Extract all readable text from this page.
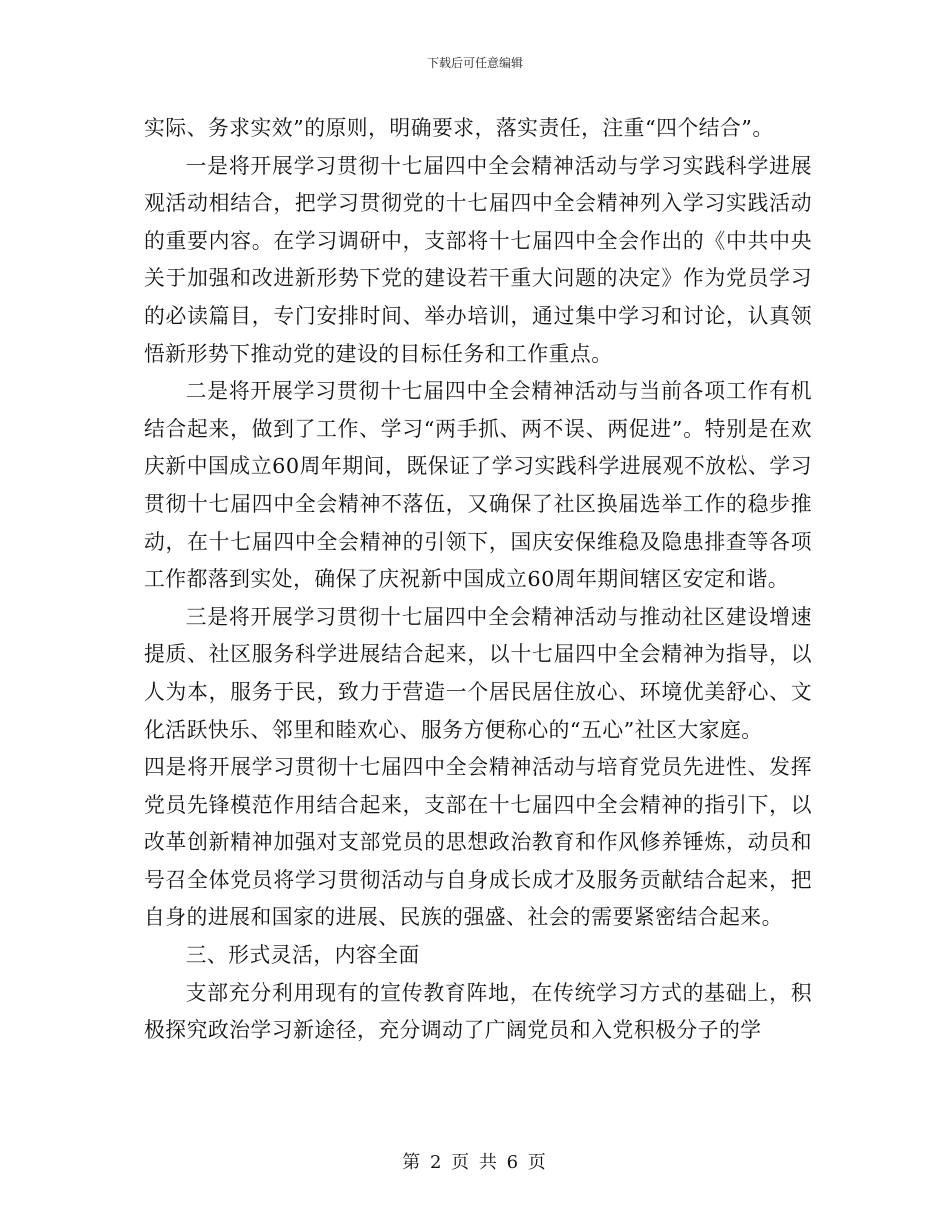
下载后可任意编辑

实际、务求实效”的原则，明确要求，落实责任，注重“四个结合”。

一是将开展学习贯彻十七届四中全会精神活动与学习实践科学进展观活动相结合，把学习贯彻党的十七届四中全会精神列入学习实践活动的重要内容。在学习调研中，支部将十七届四中全会作出的《中共中央关于加强和改进新形势下党的建设若干重大问题的决定》作为党员学习的必读篇目，专门安排时间、举办培训，通过集中学习和讨论，认真领悟新形势下推动党的建设的目标任务和工作重点。

二是将开展学习贯彻十七届四中全会精神活动与当前各项工作有机结合起来，做到了工作、学习“两手抓、两不误、两促进”。特别是在欢庆新中国成立60周年期间，既保证了学习实践科学进展观不放松、学习贯彻十七届四中全会精神不落伍，又确保了社区换届选举工作的稳步推动，在十七届四中全会精神的引领下，国庆安保维稳及隐患排查等各项工作都落到实处，确保了庆祝新中国成立60周年期间辖区安定和谐。

三是将开展学习贯彻十七届四中全会精神活动与推动社区建设增速提质、社区服务科学进展结合起来，以十七届四中全会精神为指导，以人为本，服务于民，致力于营造一个居民居住放心、环境优美舒心、文化活跃快乐、邻里和睦欢心、服务方便称心的“五心”社区大家庭。

四是将开展学习贯彻十七届四中全会精神活动与培育党员先进性、发挥党员先锋模范作用结合起来，支部在十七届四中全会精神的指引下，以改革创新精神加强对支部党员的思想政治教育和作风修养锤炼，动员和号召全体党员将学习贯彻活动与自身成长成才及服务贡献结合起来，把自身的进展和国家的进展、民族的强盛、社会的需要紧密结合起来。

三、形式灵活，内容全面

支部充分利用现有的宣传教育阵地，在传统学习方式的基础上，积极探究政治学习新途径，充分调动了广阔党员和入党积极分子的学

第 2 页 共 6 页
